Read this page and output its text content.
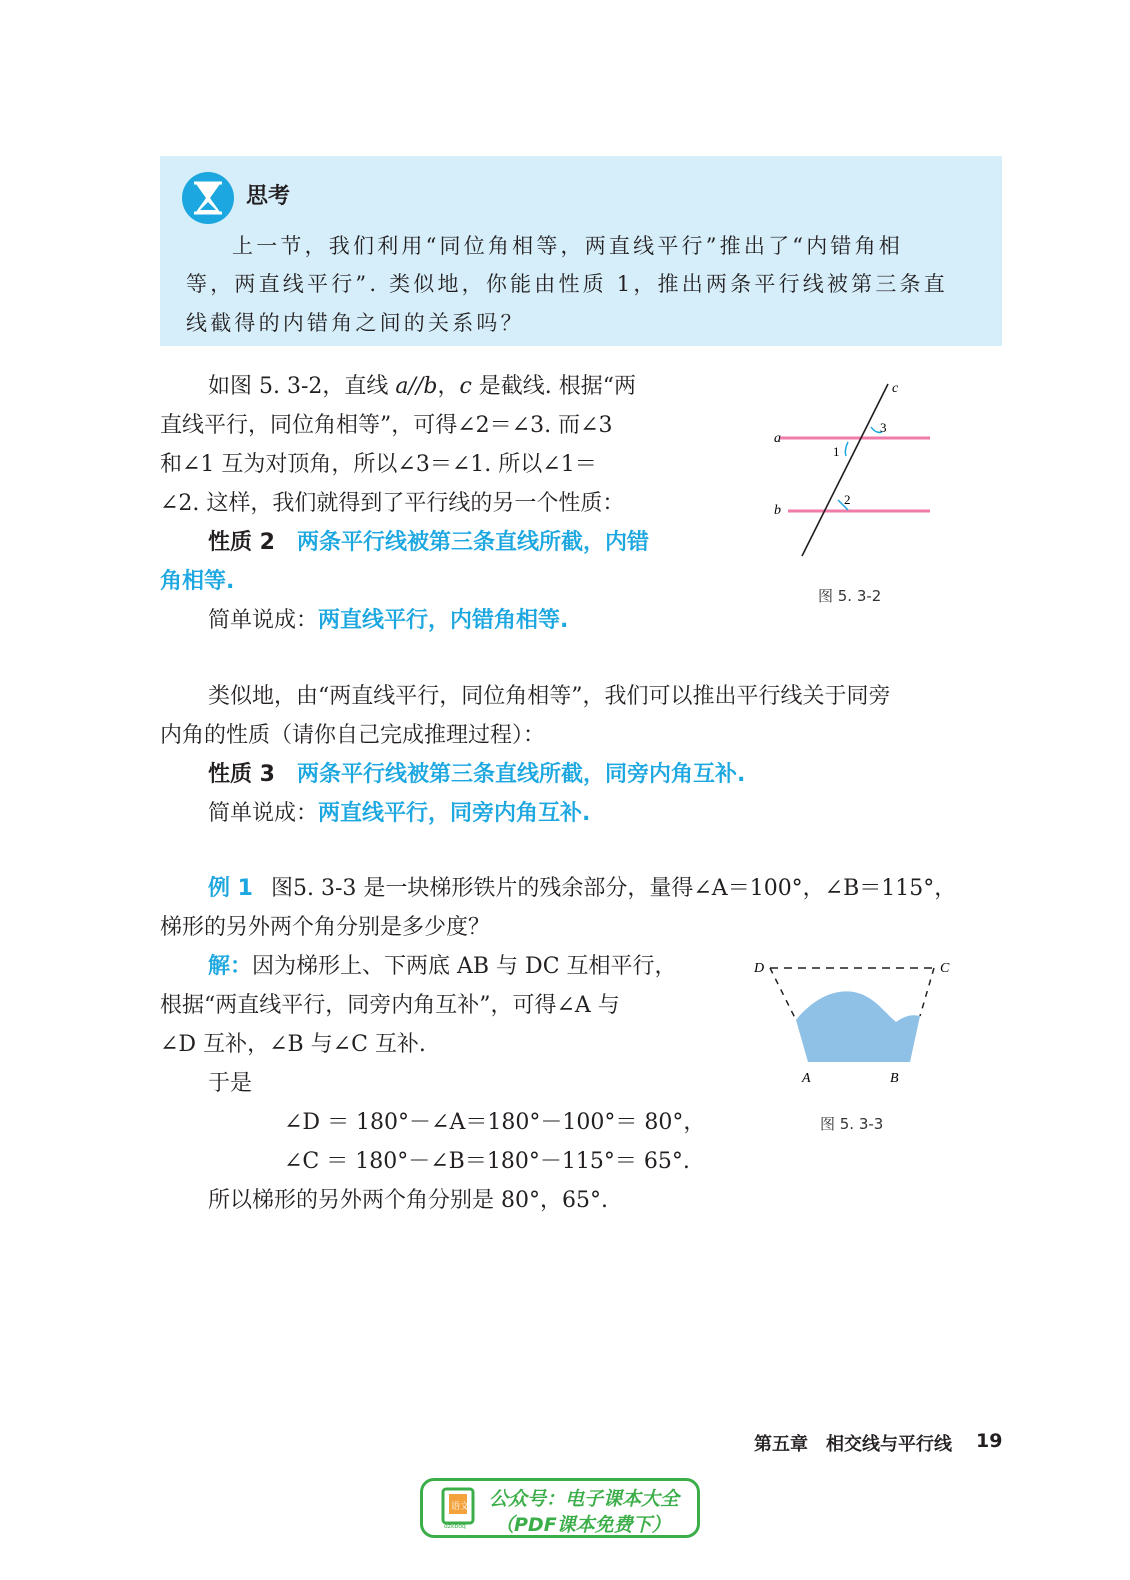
思考
上一节，我们利用“同位角相等，两直线平行”推出了“内错角相
等，两直线平行”. 类似地，你能由性质 1，推出两条平行线被第三条直
线截得的内错角之间的关系吗？
如图 5. 3-2，直线 a//b，c 是截线. 根据“两
直线平行，同位角相等”，可得∠2＝∠3. 而∠3
和∠1 互为对顶角，所以∠3＝∠1. 所以∠1＝
∠2. 这样，我们就得到了平行线的另一个性质：
性质 2 两条平行线被第三条直线所截，内错
角相等.
简单说成：两直线平行，内错角相等.
a
b
c
3
1
2
图 5. 3-2
类似地，由“两直线平行，同位角相等”，我们可以推出平行线关于同旁
内角的性质（请你自己完成推理过程）：
性质 3 两条平行线被第三条直线所截，同旁内角互补.
简单说成：两直线平行，同旁内角互补.
例 1 图5. 3-3 是一块梯形铁片的残余部分，量得∠A＝100°，∠B＝115°，
梯形的另外两个角分别是多少度？
解：因为梯形上、下两底 AB 与 DC 互相平行，
根据“两直线平行，同旁内角互补”，可得∠A 与
∠D 互补，∠B 与∠C 互补.
于是
∠D ＝ 180°－∠A＝180°－100°＝ 80°，
∠C ＝ 180°－∠B＝180°－115°＝ 65°.
所以梯形的另外两个角分别是 80°，65°.
D	C
A	B
图 5. 3-3
第五章　相交线与平行线 19
语文
dzkbdq
公众号：电子课本大全
（PDF课本免费下）
